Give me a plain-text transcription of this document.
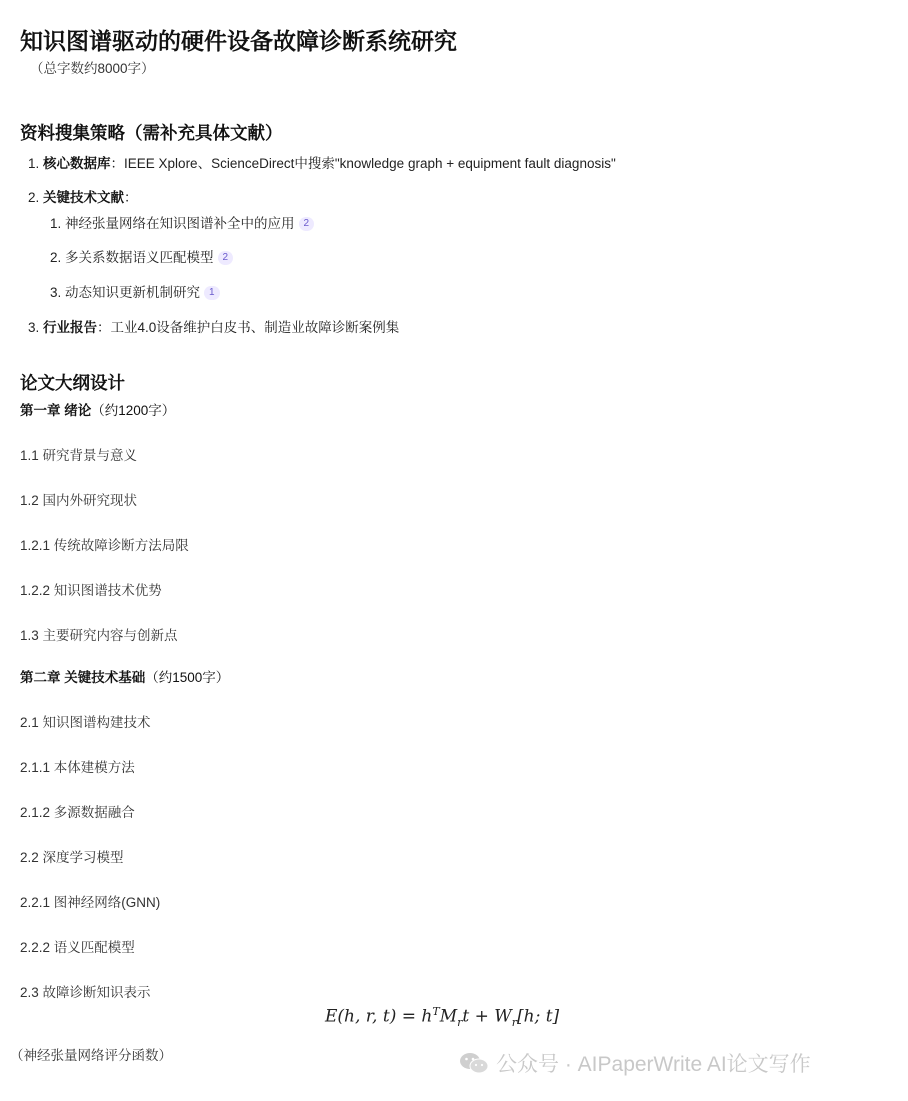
知识图谱驱动的硬件设备故障诊断系统研究
（总字数约8000字）
资料搜集策略（需补充具体文献）
1. 核心数据库：IEEE Xplore、ScienceDirect中搜索"knowledge graph + equipment fault diagnosis"
2. 关键技术文献：
1. 神经张量网络在知识图谱补全中的应用 2
2. 多关系数据语义匹配模型 2
3. 动态知识更新机制研究 1
3. 行业报告：工业4.0设备维护白皮书、制造业故障诊断案例集
论文大纲设计
第一章 绪论（约1200字）
1.1 研究背景与意义
1.2 国内外研究现状
1.2.1 传统故障诊断方法局限
1.2.2 知识图谱技术优势
1.3 主要研究内容与创新点
第二章 关键技术基础（约1500字）
2.1 知识图谱构建技术
2.1.1 本体建模方法
2.1.2 多源数据融合
2.2 深度学习模型
2.2.1 图神经网络(GNN)
2.2.2 语义匹配模型
2.3 故障诊断知识表示
E(h, r, $t) = h^TM_rt + W_r[h$; t]
（神经张量网络评分函数）	公众号 · AIPaperWrite AI论文写作
